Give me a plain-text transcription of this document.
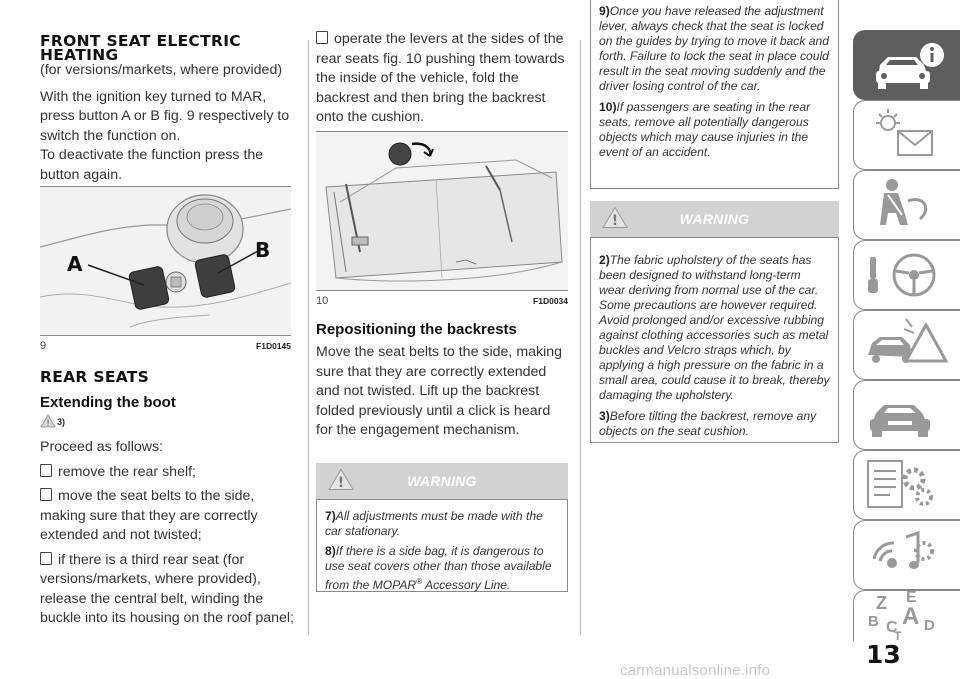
FRONT SEAT ELECTRIC
HEATING

(for versions/markets, where provided)

With the ignition key turned to MAR, press button A or B fig. 9 respectively to switch the function on.

To deactivate the function press the button again.

A
B
9	F1D0145
REAR SEATS
Extending the boot
! 3)

Proceed as follows:

remove the rear shelf;

move the seat belts to the side, making sure that they are correctly extended and not twisted;

if there is a third rear seat (for versions/markets, where provided), release the central belt, winding the buckle into its housing on the roof panel;

operate the levers at the sides of the rear seats fig. 10 pushing them towards the inside of the vehicle, fold the backrest and then bring the backrest onto the cushion.

10	F1D0034
Repositioning the backrests

Move the seat belts to the side, making sure that they are correctly extended and not twisted. Lift up the backrest folded previously until a click is heard for the engagement mechanism.

!	WARNING

7)All adjustments must be made with the car stationary.

8)If there is a side bag, it is dangerous to use seat covers other than those available from the MOPAR® Accessory Line.

9)Once you have released the adjustment lever, always check that the seat is locked on the guides by trying to move it back and forth. Failure to lock the seat in place could result in the seat moving suddenly and the driver losing control of the car.

10)If passengers are seating in the rear seats, remove all potentially dangerous objects which may cause injuries in the event of an accident.

!	WARNING

2)The fabric upholstery of the seats has been designed to withstand long-term wear deriving from normal use of the car. Some precautions are however required. Avoid prolonged and/or excessive rubbing against clothing accessories such as metal buckles and Velcro straps which, by applying a high pressure on the fabric in a small area, could cause it to break, thereby damaging the upholstery.

3)Before tilting the backrest, remove any objects on the seat cushion.

Z E
A
B C D
T
13
carmanualsonline.info
